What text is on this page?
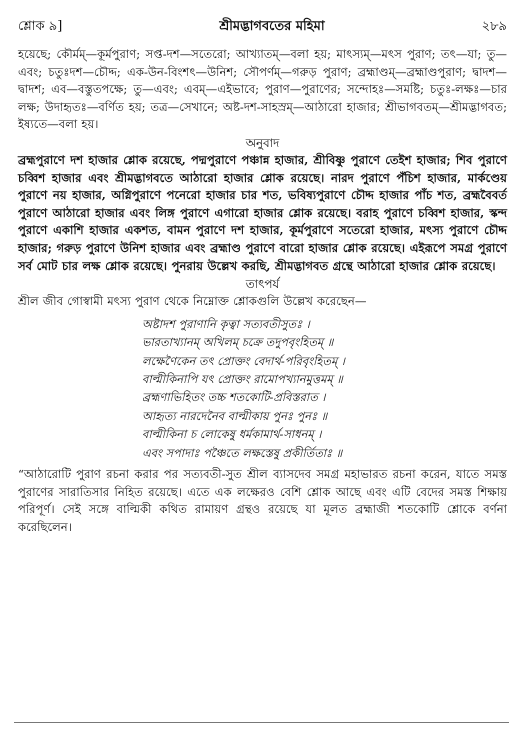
শ্লোক ৯]	শ্রীমদ্ভাগবতের মহিমা	২৮৯

হয়েছে; কৌর্মম্—কূর্মপুরাণ; সপ্ত-দশ—সতেরো; আখ্যাতম্—বলা হয়; মাৎস্যম্—মৎস পুরাণ; তৎ—যা; তু—এবং; চতুঃদশ—চৌদ্দ; এক-উন-বিংশৎ—উনিশ; সৌপর্ণম্—গরুড় পুরাণ; ব্রহ্মাণ্ডম্—ব্রহ্মাণ্ডপুরাণ; দ্বাদশ—দ্বাদশ; এব—বস্তুতপক্ষে; তু—এবং; এবম্—এইভাবে; পুরাণ—পুরাণের; সন্দোহঃ—সমষ্টি; চতুঃ-লক্ষঃ—চার লক্ষ; উদাহৃতঃ—বর্ণিত হয়; তত্র—সেখানে; অষ্ট-দশ-সাহস্রম্—আঠারো হাজার; শ্রীভাগবতম্—শ্রীমদ্ভাগবত; ইষ্যতে—বলা হয়।

অনুবাদ

ব্রহ্মপুরাণে দশ হাজার শ্লোক রয়েছে, পদ্মপুরাণে পঞ্চান্ন হাজার, শ্রীবিষ্ণু পুরাণে তেইশ হাজার; শিব পুরাণে চব্বিশ হাজার এবং শ্রীমদ্ভাগবতে আঠারো হাজার শ্লোক রয়েছে। নারদ পুরাণে পঁচিশ হাজার, মার্কণ্ডেয় পুরাণে নয় হাজার, অগ্নিপুরাণে পনেরো হাজার চার শত, ভবিষ্যপুরাণে চৌদ্দ হাজার পাঁচ শত, ব্রহ্মবৈবর্ত পুরাণে আঠারো হাজার এবং লিঙ্গ পুরাণে এগারো হাজার শ্লোক রয়েছে। বরাহ পুরাণে চব্বিশ হাজার, স্কন্দ পুরাণে একাশি হাজার একশত, বামন পুরাণে দশ হাজার, কূর্মপুরাণে সতেরো হাজার, মৎস্য পুরাণে চৌদ্দ হাজার; গরুড় পুরাণে উনিশ হাজার এবং ব্রহ্মাণ্ড পুরাণে বারো হাজার শ্লোক রয়েছে। এইরূপে সমগ্র পুরাণে সর্ব মোট চার লক্ষ শ্লোক রয়েছে। পুনরায় উল্লেখ করছি, শ্রীমদ্ভাগবত গ্রন্থে আঠারো হাজার শ্লোক রয়েছে।

তাৎপর্য

শ্রীল জীব গোস্বামী মৎস্য পুরাণ থেকে নিম্নোক্ত শ্লোকগুলি উল্লেখ করেছেন—

অষ্টাদশ পুরাণানি কৃত্বা সত্যবতীসুতঃ ।
ভারতাখ্যানম্ অখিলম্ চক্রে তদুপবৃংহিতম্ ॥
লক্ষেণৈকেন তৎ প্রোক্তং বেদার্থ-পরিবৃংহিতম্ ।
বাল্মীকিনাপি যৎ প্রোক্তং রামোপখ্যানমুত্তমম্ ॥
ব্রহ্মণাভিহিতং তচ্চ শতকোটি-প্রবিস্তরাত ।
আহৃত্য নারদেনৈব বাল্মীকায় পুনঃ পুনঃ ॥
বাল্মীকিনা চ লোকেষু ধর্মকামার্থ-সাধনম্ ।
এবং সপাদাঃ পঞ্চৈতে লক্ষস্তেষু প্রকীর্তিতাঃ ॥

“আঠারোটি পুরাণ রচনা করার পর সত্যবতী-সুত শ্রীল ব্যাসদেব সমগ্র মহাভারত রচনা করেন, যাতে সমস্ত পুরাণের সারাতিসার নিহিত রয়েছে। এতে এক লক্ষেরও বেশি শ্লোক আছে এবং এটি বেদের সমস্ত শিক্ষায় পরিপূর্ণ। সেই সঙ্গে বাল্মিকী কথিত রামায়ণ গ্রন্থও রয়েছে যা মূলত ব্রহ্মাজী শতকোটি শ্লোকে বর্ণনা করেছিলেন।
